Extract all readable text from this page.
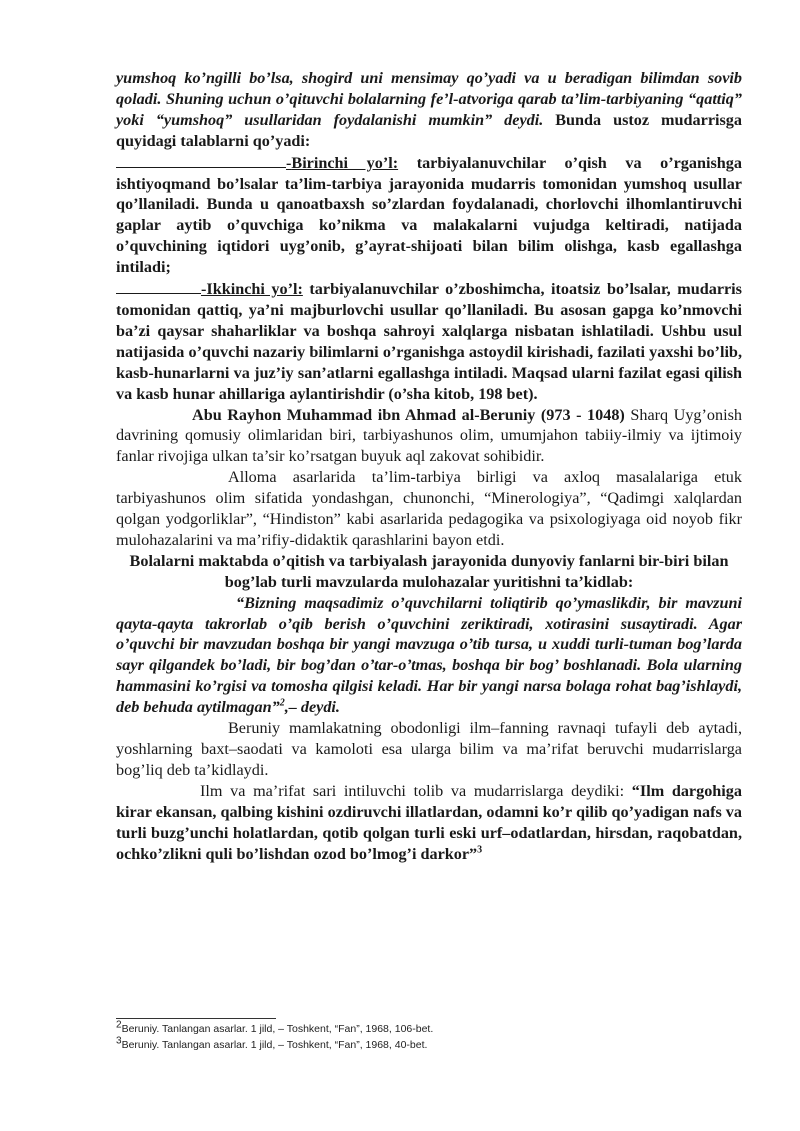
yumshoq ko’ngilli bo’lsa, shogird uni mensimay qo’yadi va u beradigan bilimdan sovib qoladi. Shuning uchun o’qituvchi bolalarning fe’l-atvoriga qarab ta’lim-tarbiyaning “qattiq” yoki “yumshoq” usullaridan foydalanishi mumkin” deydi. Bunda ustoz mudarrisga quyidagi talablarni qo’yadi:

-Birinchi yo’l: tarbiyalanuvchilar o’qish va o’rganishga ishtiyoqmand bo’lsalar ta’lim-tarbiya jarayonida mudarris tomonidan yumshoq usullar qo’llaniladi. Bunda u qanoatbaxsh so’zlardan foydalanadi, chorlovchi ilhomlantiruvchi gaplar aytib o’quvchiga ko’nikma va malakalarni vujudga keltiradi, natijada o’quvchining iqtidori uyg’onib, g’ayrat-shijoati bilan bilim olishga, kasb egallashga intiladi;

-Ikkinchi yo’l: tarbiyalanuvchilar o’zboshimcha, itoatsiz bo’lsalar, mudarris tomonidan qattiq, ya’ni majburlovchi usullar qo’llaniladi. Bu asosan gapga ko’nmovchi ba’zi qaysar shaharliklar va boshqa sahroyi xalqlarga nisbatan ishlatiladi. Ushbu usul natijasida o’quvchi nazariy bilimlarni o’rganishga astoydil kirishadi, fazilati yaxshi bo’lib, kasb-hunarlarni va juz’iy san’atlarni egallashga intiladi. Maqsad ularni fazilat egasi qilish va kasb hunar ahillariga aylantirishdir (o’sha kitob, 198 bet).

Abu Rayhon Muhammad ibn Ahmad al-Beruniy (973 - 1048) Sharq Uyg’onish davrining qomusiy olimlaridan biri, tarbiyashunos olim, umumjahon tabiiy-ilmiy va ijtimoiy fanlar rivojiga ulkan ta’sir ko’rsatgan buyuk aql zakovat sohibidir.

Alloma asarlarida ta’lim-tarbiya birligi va axloq masalalariga etuk tarbiyashunos olim sifatida yondashgan, chunonchi, “Minerologiya”, “Qadimgi xalqlardan qolgan yodgorliklar”, “Hindiston” kabi asarlarida pedagogika va psixologiyaga oid noyob fikr mulohazalarini va ma’rifiy-didaktik qarashlarini bayon etdi.

Bolalarni maktabda o’qitish va tarbiyalash jarayonida dunyoviy fanlarni bir-biri bilan bog’lab turli mavzularda mulohazalar yuritishni ta’kidlab:

“Bizning maqsadimiz o’quvchilarni toliqtirib qo’ymaslikdir, bir mavzuni qayta-qayta takrorlab o’qib berish o’quvchini zeriktiradi, xotirasini susaytiradi. Agar o’quvchi bir mavzudan boshqa bir yangi mavzuga o’tib tursa, u xuddi turli-tuman bog’larda sayr qilgandek bo’ladi, bir bog’dan o’tar-o’tmas, boshqa bir bog’ boshlanadi. Bola ularning hammasini ko’rgisi va tomosha qilgisi keladi. Har bir yangi narsa bolaga rohat bag’ishlaydi, deb behuda aytilmagan”$^2$,– deydi.

Beruniy mamlakatning obodonligi ilm–fanning ravnaqi tufayli deb aytadi, yoshlarning baxt–saodati va kamoloti esa ularga bilim va ma’rifat beruvchi mudarrislarga bog’liq deb ta’kidlaydi.

Ilm va ma’rifat sari intiluvchi tolib va mudarrislarga deydiki: “Ilm dargohiga kirar ekansan, qalbing kishini ozdiruvchi illatlardan, odamni ko’r qilib qo’yadigan nafs va turli buzg’unchi holatlardan, qotib qolgan turli eski urf–odatlardan, hirsdan, raqobatdan, ochko’zlikni quli bo’lishdan ozod bo’lmog’i darkor”$^3$

$^2$Beruniy. Tanlangan asarlar. 1 jild, – Toshkent, “Fan”, 1968, 106-bet.
$^3$Beruniy. Tanlangan asarlar. 1 jild, – Toshkent, “Fan”, 1968, 40-bet.
